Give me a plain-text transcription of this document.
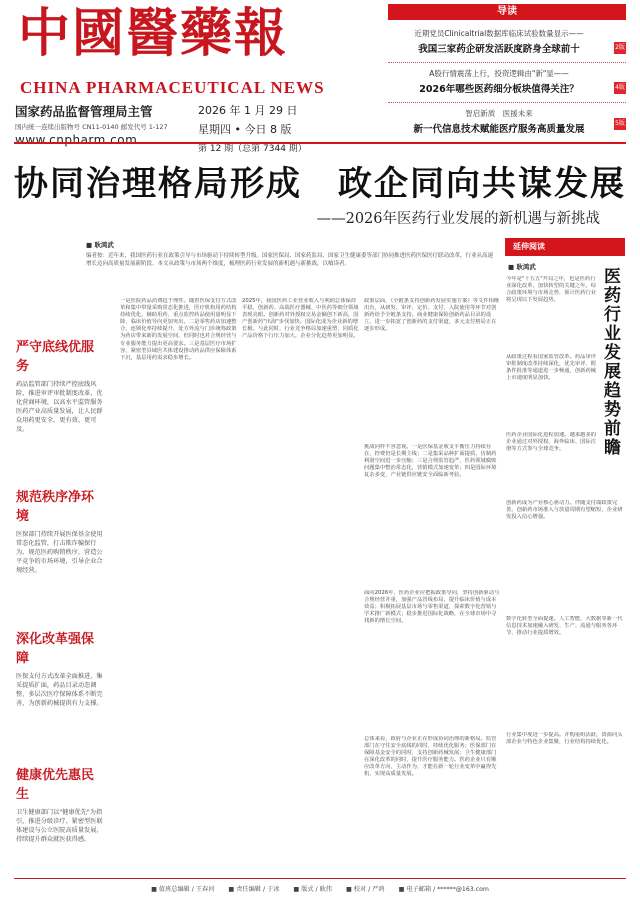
中國醫藥報
CHINA PHARMACEUTICAL NEWS
国家药品监督管理局主管
国内统一连续出版物号 CN11-0140 邮发代号 1-127
www.cnpharm.com
2026 年 1 月 29 日
星期四 • 今日 8 版
第 12 期（总第 7344 期）
导读
近期党员Clinicaltrial数据库临床试验数量显示——
我国三家药企研发活跃度跻身全球前十	2版
A股行情震荡上行，投资逻辑由"新"显——
2026年哪些医药细分板块值得关注？	4版
智启新质　医援未来
新一代信息技术赋能医疗服务高质量发展
5版
协同治理格局形成　政企同向共谋发展
——2026年医药行业发展的新机遇与新挑战
■ 耿鸿武
编者按：近年来，我国医药行业在政策引导与市场驱动下持续转型升级。国家医保局、国家药监局、国家卫生健康委等部门协同推进医药医保医疗联动改革，行业从高速增长迈向高质量发展新阶段。本文从政策与市场两个维度，梳理医药行业发展的新机遇与新挑战，以飨读者。
严守底线优服务
药品监管部门持续严控底线风险，推进审评审批制度改革，优化营商环境，以高水平监管服务医药产业高质量发展，让人民群众用药更安全、更有效、更可及。
规范秩序净环境
医保部门持续开展医保基金使用常态化监管，打击欺诈骗保行为，规范医药购销秩序，营造公平竞争的市场环境，引导企业合规经营。
深化改革强保障
医保支付方式改革全面推进，集采提质扩面，药品目录动态调整，多层次医疗保障体系不断完善，为创新药械提供有力支撑。
健康优先惠民生
卫生健康部门以"健康优先"为指引，推进分级诊疗、紧密型医联体建设与公立医院高质量发展，持续提升群众就医获得感。
一是医院药品消费趋于理性。随着医保支付方式改革和集中带量采购常态化推进，医疗机构用药结构持续优化，辅助用药、重点监控药品使用量明显下降，临床价值导向更加突出。二是零售药店加速整合，连锁化率持续提升，处方外流与门诊统筹政策为药店带来新的发展空间，但同时也对合规经营与专业服务能力提出更高要求。三是基层医疗市场扩容，紧密型县域医共体建设推动药品供应保障体系下沉，基层用药需求稳步增长。
2025年，我国医药工业营业收入与利润总体保持平稳，创新药、高端医疗器械、中医药等细分领域表现亮眼。创新药对外授权交易金额创下新高，国产创新药"出海"步伐加快，国际化成为企业新的增长极。与此同时，行业竞争格局加速重塑，同质化产品价格下行压力加大，企业分化趋势更加明显。
政策层面，《全链条支持创新药发展实施方案》等文件相继出台，从研发、审评、定价、支付、入院使用等环节对创新药给予全链条支持。商业健康保险创新药品目录的设立，进一步拓宽了创新药的支付渠道，多元支付格局正在逐步形成。
挑战同样不容忽视。一是医保基金收支平衡压力持续存在，控费仍是长期主线；二是集采品种扩面提质，仿制药利润空间进一步压缩；三是合规监管趋严，医药领域腐败问题集中整治常态化，营销模式加速变革；四是国际环境复杂多变，产业链供应链安全面临新考验。
面向2026年，医药企业应把握政策导向，坚持创新驱动与合规经营并重，加强产品管线布局，提升临床价值与成本效益；积极拓展基层市场与零售渠道，探索数字化营销与学术推广新模式；稳步推进国际化战略，在全球市场中寻找新的增长空间。
总体来看，政府与企业正在形成协同治理的新格局。监管部门在守住安全底线的同时，持续优化服务；医保部门在保障基金安全的同时，支持创新药械发展；卫生健康部门在深化改革的同时，提升医疗服务能力。医药企业只有顺应改革方向，主动作为，才能在新一轮行业变革中赢得先机，实现高质量发展。
延伸阅读
医药行业发展趋势前瞻
■ 耿鸿武
今年是"十五五"开局之年，也是医药行业深化改革、加快转型的关键之年。综合政策环境与市场走势，预计医药行业将呈现以下发展趋势。
从政策过程看国家监管改革。药品审评审批制度改革持续深化，优先审评、附条件批准等通道进一步畅通，创新药械上市速度明显加快。
医药企业国际化进程加速。越来越多的企业通过对外授权、海外临床、国际注册等方式参与全球竞争。
创新药成为产业核心驱动力。伴随支付端政策完善，创新药市场准入与放量周期有望缩短，企业研发投入信心增强。
数字化转型全面提速。人工智能、大数据等新一代信息技术加速融入研发、生产、流通与服务各环节，推动行业提质增效。
行业集中度进一步提高。并购重组活跃，资源向头部企业与特色企业集聚，行业结构持续优化。
■ 值班总编辑 / 王春河 ■ 责任编辑 / 于冰 ■ 版式 / 耿伟 ■ 校对 / 严鸿 ■ 电子邮箱 / ******@163.com
